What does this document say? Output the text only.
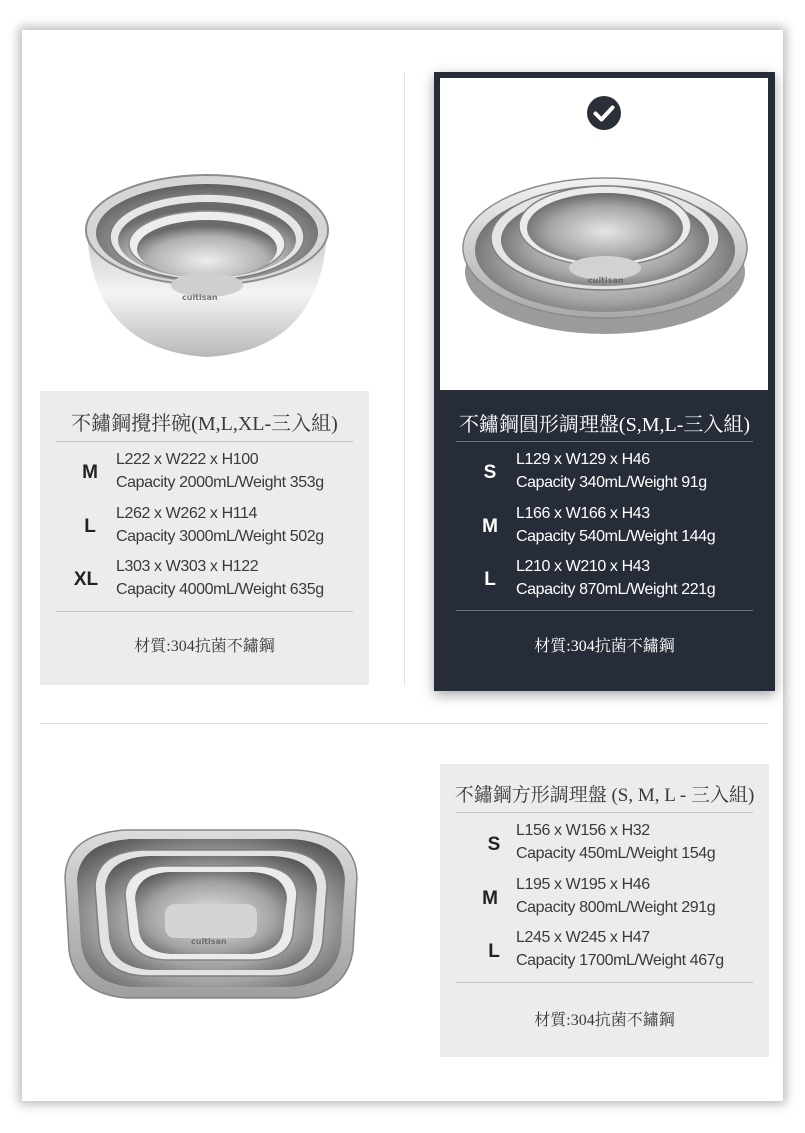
cuitisan
不鏽鋼攪拌碗(M,L,XL-三入組)
M
L222 x W222 x H100
Capacity 2000mL/Weight 353g
L
L262 x W262 x H114
Capacity 3000mL/Weight 502g
XL
L303 x W303 x H122
Capacity 4000mL/Weight 635g
材質:304抗菌不鏽鋼
cuitisan
不鏽鋼圓形調理盤(S,M,L-三入組)
S
L129 x W129 x H46
Capacity 340mL/Weight 91g
M
L166 x W166 x H43
Capacity 540mL/Weight 144g
L
L210 x W210 x H43
Capacity 870mL/Weight 221g
材質:304抗菌不鏽鋼
cuitisan
不鏽鋼方形調理盤 (S, M, L - 三入組)
S
L156 x W156 x H32
Capacity 450mL/Weight 154g
M
L195 x W195 x H46
Capacity 800mL/Weight 291g
L
L245 x W245 x H47
Capacity 1700mL/Weight 467g
材質:304抗菌不鏽鋼
